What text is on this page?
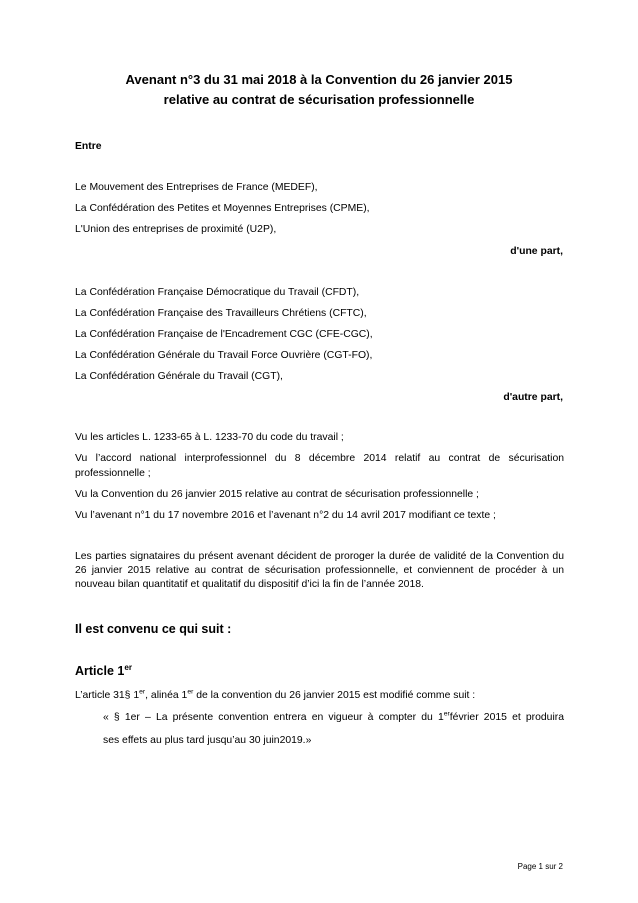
Avenant n°3 du 31 mai 2018 à la Convention du 26 janvier 2015
relative au contrat de sécurisation professionnelle
Entre
Le Mouvement des Entreprises de France (MEDEF),
La Confédération des Petites et Moyennes Entreprises (CPME),
L'Union des entreprises de proximité (U2P),
d'une part,
La Confédération Française Démocratique du Travail (CFDT),
La Confédération Française des Travailleurs Chrétiens (CFTC),
La Confédération Française de l'Encadrement CGC (CFE-CGC),
La Confédération Générale du Travail Force Ouvrière (CGT-FO),
La Confédération Générale du Travail (CGT),
d'autre part,
Vu les articles L. 1233-65 à L. 1233-70 du code du travail ;
Vu l’accord national interprofessionnel du 8 décembre 2014 relatif au contrat de sécurisation
professionnelle ;
Vu la Convention du 26 janvier 2015 relative au contrat de sécurisation professionnelle ;
Vu l’avenant n°1 du 17 novembre 2016 et l’avenant n°2 du 14 avril 2017 modifiant ce texte ;
Les parties signataires du présent avenant décident de proroger la durée de validité de la Convention du 26 janvier 2015 relative au contrat de sécurisation professionnelle, et conviennent de procéder à un nouveau bilan quantitatif et qualitatif du dispositif d’ici la fin de l’année 2018.
Il est convenu ce qui suit :
Article 1er
L’article 31§ 1er, alinéa 1er de la convention du 26 janvier 2015 est modifié comme suit :
« § 1er – La présente convention entrera en vigueur à compter du 1erfévrier 2015 et produira
ses effets au plus tard jusqu’au 30 juin2019.»
Page 1 sur 2
